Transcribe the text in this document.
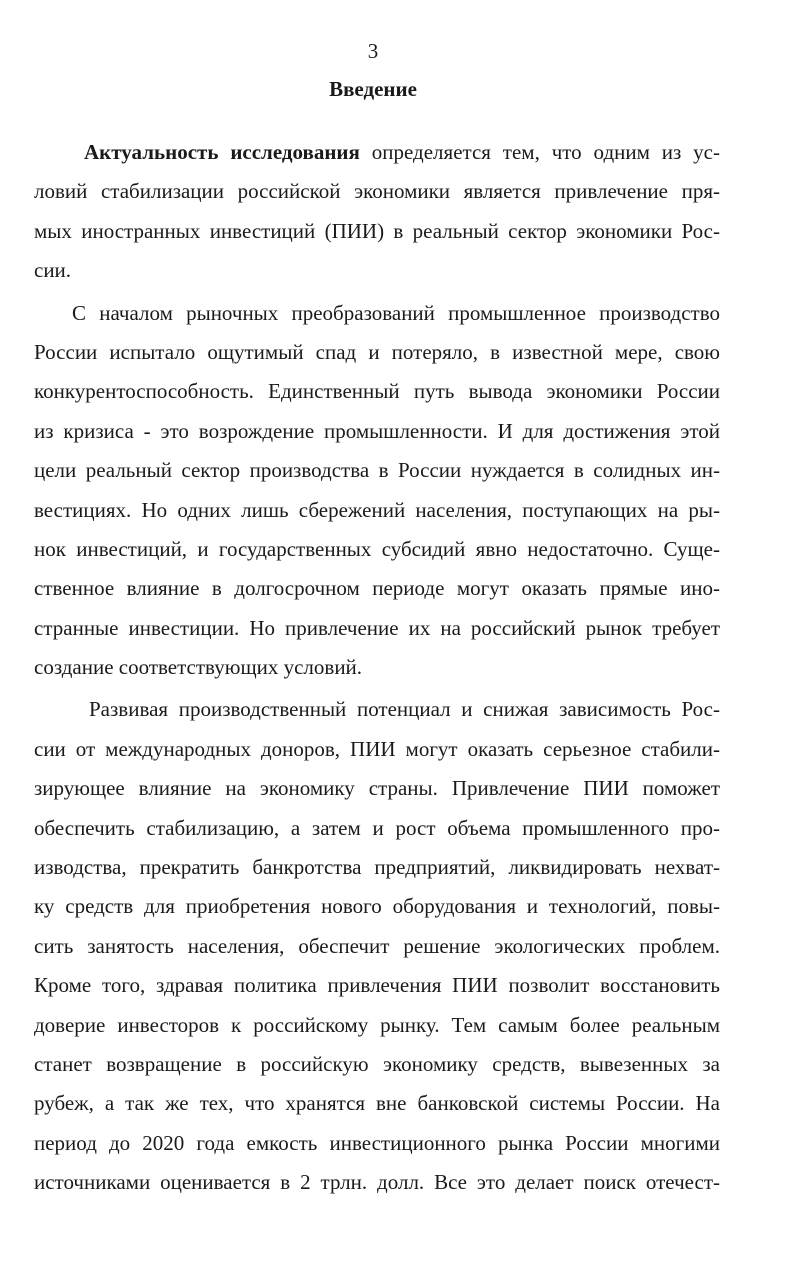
3
Введение
Актуальность исследования определяется тем, что одним из ус-
ловий стабилизации российской экономики является привлечение пря-
мых иностранных инвестиций (ПИИ) в реальный сектор экономики Рос-
сии.
С началом рыночных преобразований промышленное производство
России испытало ощутимый спад и потеряло, в известной мере, свою
конкурентоспособность. Единственный путь вывода экономики России
из кризиса - это возрождение промышленности. И для достижения этой
цели реальный сектор производства в России нуждается в солидных ин-
вестициях. Но одних лишь сбережений населения, поступающих на ры-
нок инвестиций, и государственных субсидий явно недостаточно. Суще-
ственное влияние в долгосрочном периоде могут оказать прямые ино-
странные инвестиции. Но привлечение их на российский рынок требует
создание соответствующих условий.
Развивая производственный потенциал и снижая зависимость Рос-
сии от международных доноров, ПИИ могут оказать серьезное стабили-
зирующее влияние на экономику страны. Привлечение ПИИ поможет
обеспечить стабилизацию, а затем и рост объема промышленного про-
изводства, прекратить банкротства предприятий, ликвидировать нехват-
ку средств для приобретения нового оборудования и технологий, повы-
сить занятость населения, обеспечит решение экологических проблем.
Кроме того, здравая политика привлечения ПИИ позволит восстановить
доверие инвесторов к российскому рынку. Тем самым более реальным
станет возвращение в российскую экономику средств, вывезенных за
рубеж, а так же тех, что хранятся вне банковской системы России. На
период до 2020 года емкость инвестиционного рынка России многими
источниками оценивается в 2 трлн. долл. Все это делает поиск отечест-
